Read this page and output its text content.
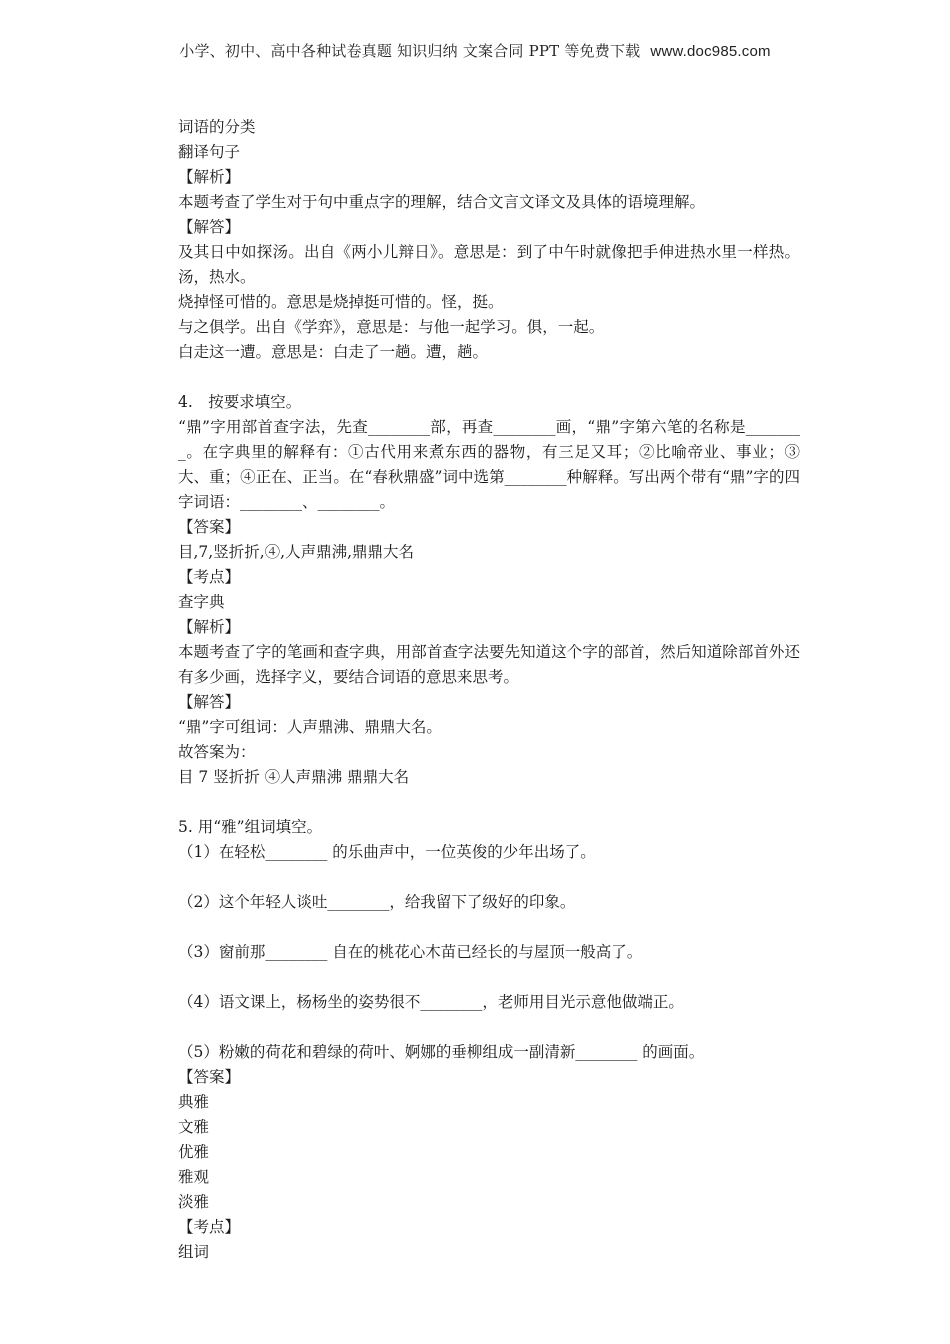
小学、初中、高中各种试卷真题 知识归纳 文案合同 PPT 等免费下载 www.doc985.com
词语的分类
翻译句子
【解析】
本题考查了学生对于句中重点字的理解，结合文言文译文及具体的语境理解。
【解答】
及其日中如探汤。出自《两小儿辩日》。意思是：到了中午时就像把手伸进热水里一样热。汤，热水。
烧掉怪可惜的。意思是烧掉挺可惜的。怪，挺。
与之俱学。出自《学弈》，意思是：与他一起学习。俱，一起。
白走这一遭。意思是：白走了一趟。遭，趟。
4.　按要求填空。
“鼎”字用部首查字法，先查________部，再查________画，“鼎”字第六笔的名称是________。在字典里的解释有：①古代用来煮东西的器物，有三足又耳；②比喻帝业、事业；③大、重；④正在、正当。在“春秋鼎盛”词中选第________种解释。写出两个带有“鼎”字的四字词语：________、________。
【答案】
目,7,竖折折,④,人声鼎沸,鼎鼎大名
【考点】
查字典
【解析】
本题考查了字的笔画和查字典，用部首查字法要先知道这个字的部首，然后知道除部首外还有多少画，选择字义，要结合词语的意思来思考。
【解答】
“鼎”字可组词：人声鼎沸、鼎鼎大名。
故答案为：
目 7 竖折折 ④人声鼎沸 鼎鼎大名
5. 用“雅”组词填空。
（1）在轻松________ 的乐曲声中，一位英俊的少年出场了。
（2）这个年轻人谈吐________，给我留下了级好的印象。
（3）窗前那________ 自在的桃花心木苗已经长的与屋顶一般高了。
（4）语文课上，杨杨坐的姿势很不________，老师用目光示意他做端正。
（5）粉嫩的荷花和碧绿的荷叶、婀娜的垂柳组成一副清新________ 的画面。
【答案】
典雅
文雅
优雅
雅观
淡雅
【考点】
组词
